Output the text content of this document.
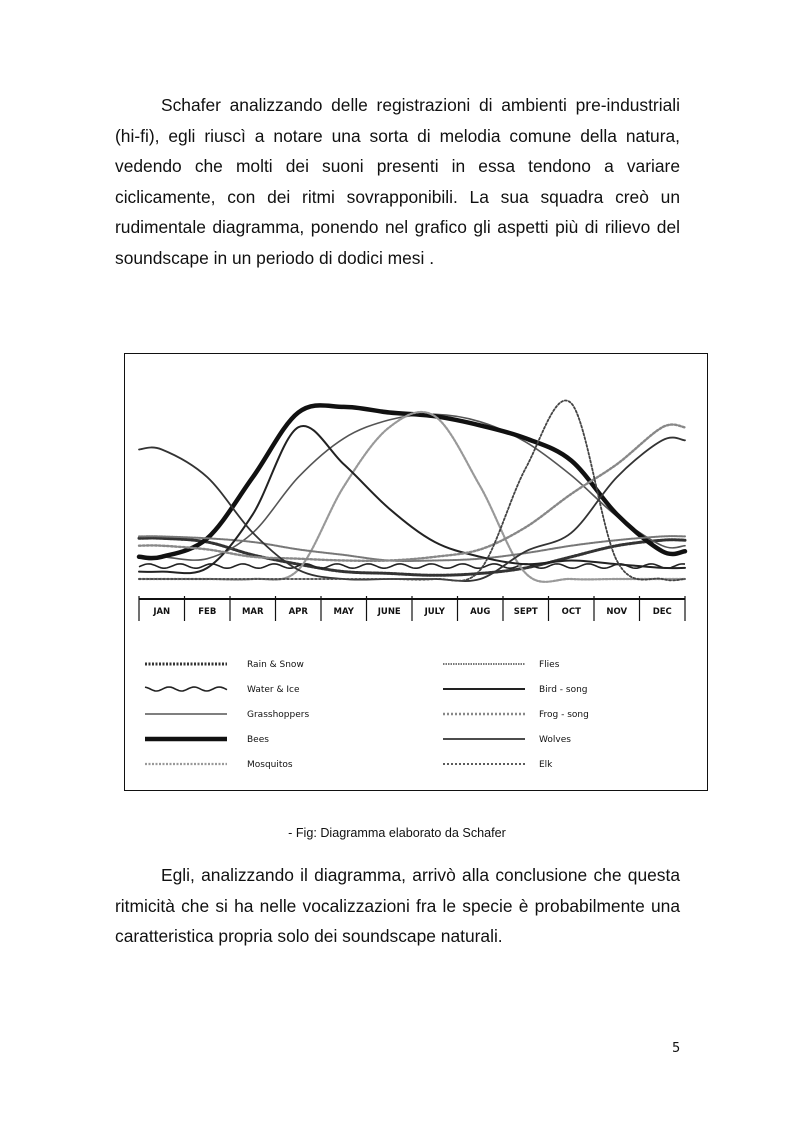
Schafer analizzando delle registrazioni di ambienti pre-industriali (hi-fi), egli riuscì a notare una sorta di melodia comune della natura, vedendo che molti dei suoni presenti in essa tendono a variare ciclicamente, con dei ritmi sovrapponibili. La sua squadra creò un rudimentale diagramma, ponendo nel grafico gli aspetti più di rilievo del soundscape in un periodo di dodici mesi .

JAN	FEB	MAR	APR	MAY	JUNE	JULY	AUG	SEPT	OCT	NOV	DEC
Rain & Snow
Water & Ice
Grasshoppers
Bees
Mosquitos
Flies
Bird - song
Frog - song
Wolves
Elk
- Fig: Diagramma elaborato da Schafer

Egli, analizzando il diagramma, arrivò alla conclusione che questa ritmicità che si ha nelle vocalizzazioni fra le specie è probabilmente una caratteristica propria solo dei soundscape naturali.

5
